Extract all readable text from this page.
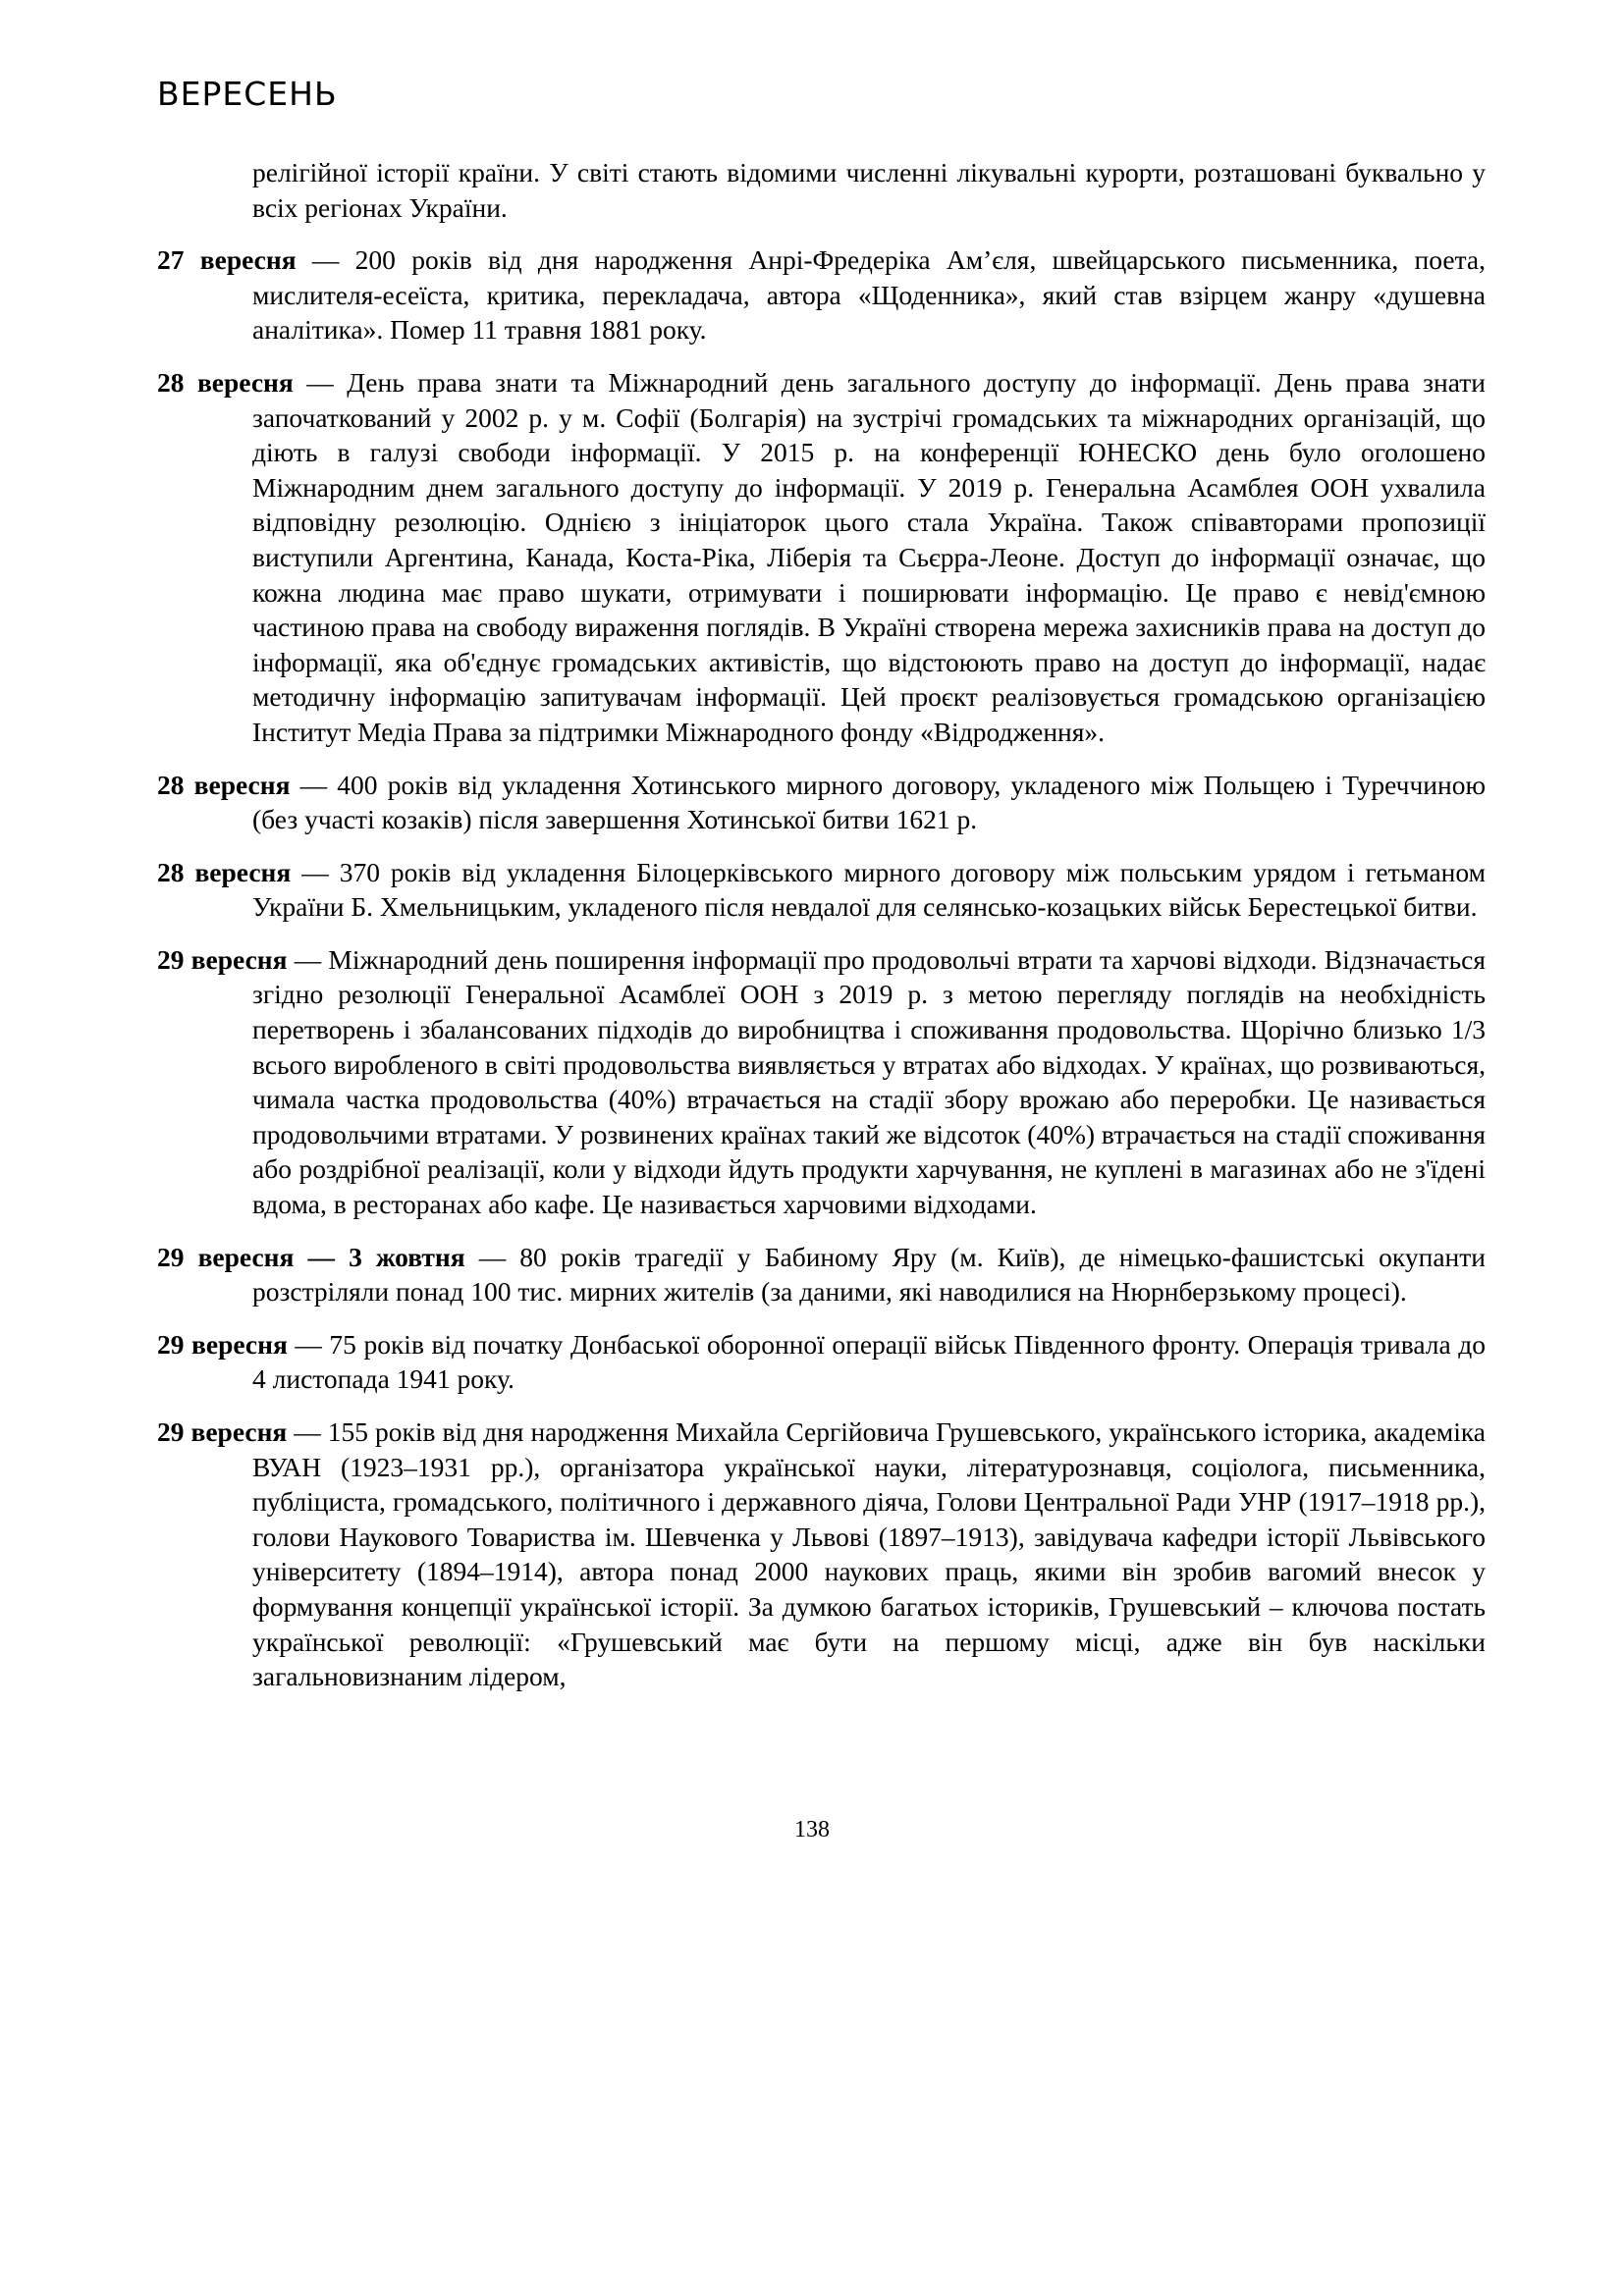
ВЕРЕСЕНЬ

релігійної історії країни. У світі стають відомими численні лікувальні курорти, розташовані буквально у всіх регіонах України.

27 вересня — 200 років від дня народження Анрі-Фредеріка Ам’єля, швейцарського письменника, поета, мислителя-есеїста, критика, перекладача, автора «Щоденника», який став взірцем жанру «душевна аналітика». Помер 11 травня 1881 року.

28 вересня — День права знати та Міжнародний день загального доступу до інформації. День права знати започаткований у 2002 р. у м. Софії (Болгарія) на зустрічі громадських та міжнародних організацій, що діють в галузі свободи інформації. У 2015 р. на конференції ЮНЕСКО день було оголошено Міжнародним днем загального доступу до інформації. У 2019 р. Генеральна Асамблея ООН ухвалила відповідну резолюцію. Однією з ініціаторок цього стала Україна. Також співавторами пропозиції виступили Аргентина, Канада, Коста-Ріка, Ліберія та Сьєрра-Леоне. Доступ до інформації означає, що кожна людина має право шукати, отримувати і поширювати інформацію. Це право є невід'ємною частиною права на свободу вираження поглядів. В Україні створена мережа захисників права на доступ до інформації, яка об'єднує громадських активістів, що відстоюють право на доступ до інформації, надає методичну інформацію запитувачам інформації. Цей проєкт реалізовується громадською організацією Інститут Медіа Права за підтримки Міжнародного фонду «Відродження».

28 вересня — 400 років від укладення Хотинського мирного договору, укладеного між Польщею і Туреччиною (без участі козаків) після завершення Хотинської битви 1621 р.

28 вересня — 370 років від укладення Білоцерківського мирного договору між польським урядом і гетьманом України Б. Хмельницьким, укладеного після невдалої для селянсько-козацьких військ Берестецької битви.

29 вересня — Міжнародний день поширення інформації про продовольчі втрати та харчові відходи. Відзначається згідно резолюції Генеральної Асамблеї ООН з 2019 р. з метою перегляду поглядів на необхідність перетворень і збалансованих підходів до виробництва і споживання продовольства. Щорічно близько 1/3 всього виробленого в світі продовольства виявляється у втратах або відходах. У країнах, що розвиваються, чимала частка продовольства (40%) втрачається на стадії збору врожаю або переробки. Це називається продовольчими втратами. У розвинених країнах такий же відсоток (40%) втрачається на стадії споживання або роздрібної реалізації, коли у відходи йдуть продукти харчування, не куплені в магазинах або не з'їдені вдома, в ресторанах або кафе. Це називається харчовими відходами.

29 вересня — 3 жовтня — 80 років трагедії у Бабиному Яру (м. Київ), де німецько-фашистські окупанти розстріляли понад 100 тис. мирних жителів (за даними, які наводилися на Нюрнберзькому процесі).

29 вересня — 75 років від початку Донбаської оборонної операції військ Південного фронту. Операція тривала до 4 листопада 1941 року.

29 вересня — 155 років від дня народження Михайла Сергійовича Грушевського, українського історика, академіка ВУАН (1923–1931 рр.), організатора української науки, літературознавця, соціолога, письменника, публіциста, громадського, політичного і державного діяча, Голови Центральної Ради УНР (1917–1918 рр.), голови Наукового Товариства ім. Шевченка у Львові (1897–1913), завідувача кафедри історії Львівського університету (1894–1914), автора понад 2000 наукових праць, якими він зробив вагомий внесок у формування концепції української історії. За думкою багатьох істориків, Грушевський – ключова постать української революції: «Грушевський має бути на першому місці, адже він був наскільки загальновизнаним лідером,

138
